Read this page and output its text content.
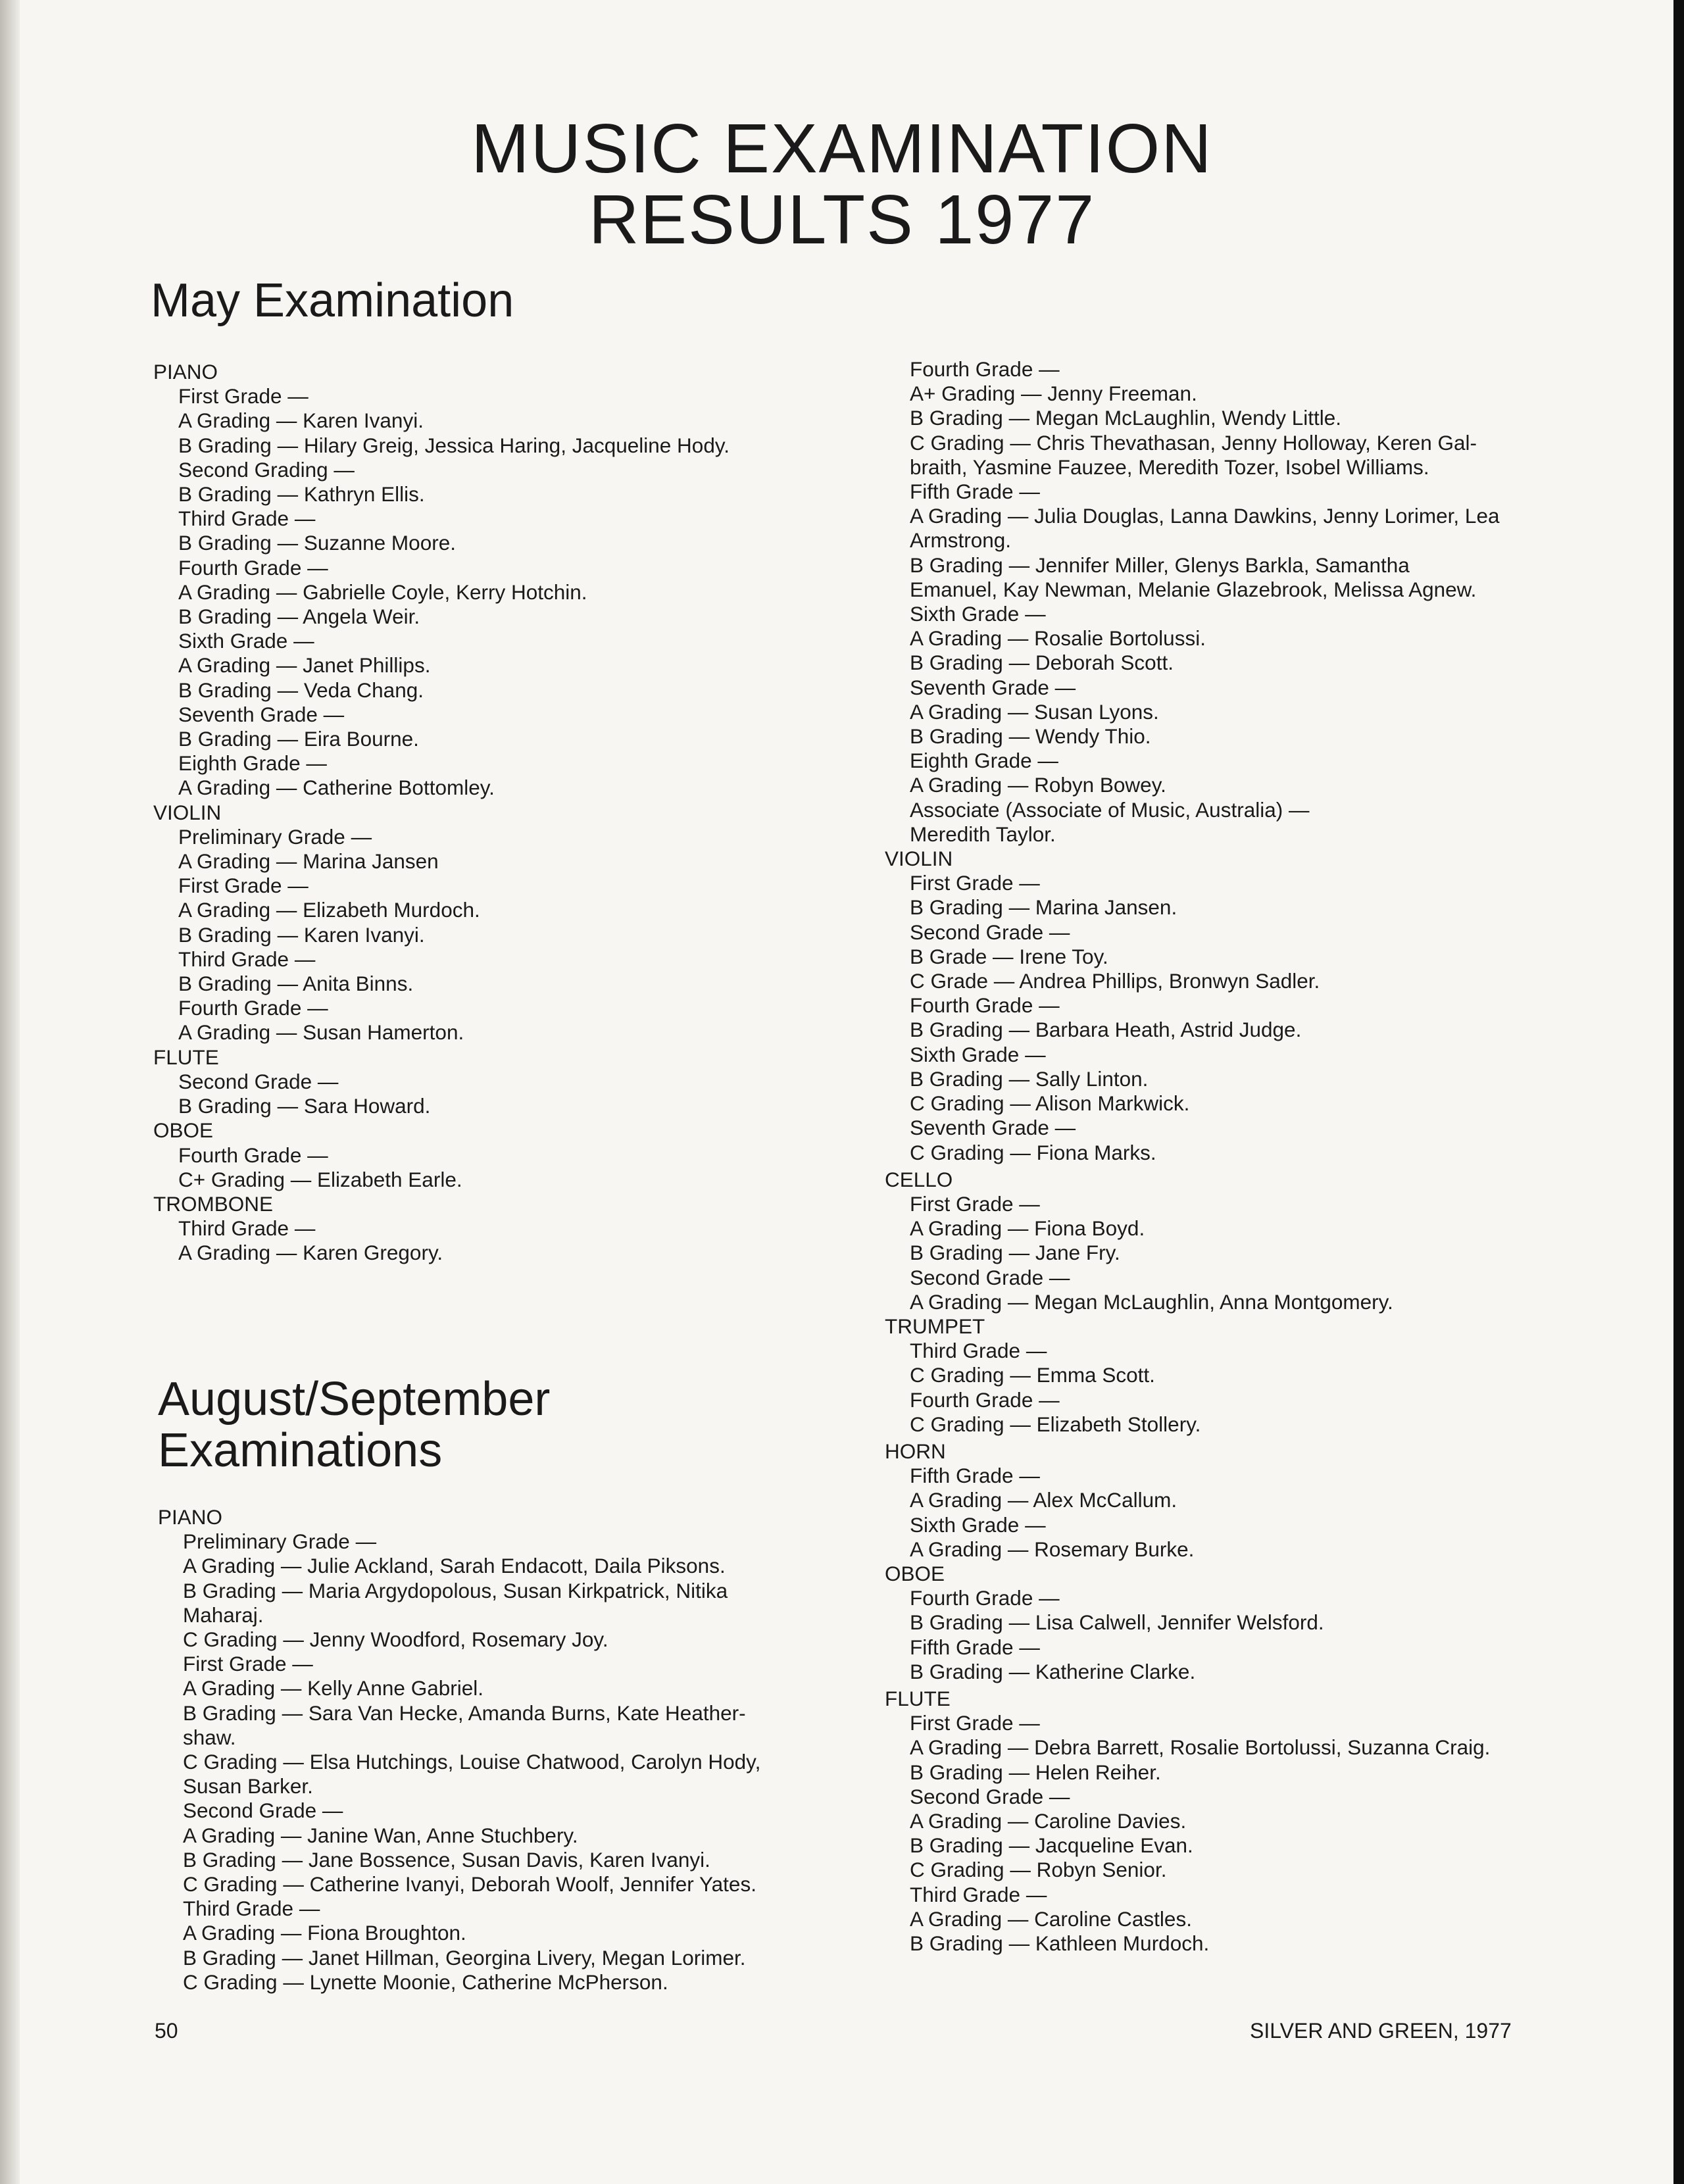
MUSIC EXAMINATION
RESULTS 1977
May Examination
PIANO
First Grade —
A Grading — Karen Ivanyi.
B Grading — Hilary Greig, Jessica Haring, Jacqueline Hody.
Second Grading —
B Grading — Kathryn Ellis.
Third Grade —
B Grading — Suzanne Moore.
Fourth Grade —
A Grading — Gabrielle Coyle, Kerry Hotchin.
B Grading — Angela Weir.
Sixth Grade —
A Grading — Janet Phillips.
B Grading — Veda Chang.
Seventh Grade —
B Grading — Eira Bourne.
Eighth Grade —
A Grading — Catherine Bottomley.
VIOLIN
Preliminary Grade —
A Grading — Marina Jansen
First Grade —
A Grading — Elizabeth Murdoch.
B Grading — Karen Ivanyi.
Third Grade —
B Grading — Anita Binns.
Fourth Grade —
A Grading — Susan Hamerton.
FLUTE
Second Grade —
B Grading — Sara Howard.
OBOE
Fourth Grade —
C+ Grading — Elizabeth Earle.
TROMBONE
Third Grade —
A Grading — Karen Gregory.
August/September
Examinations
PIANO
Preliminary Grade —
A Grading — Julie Ackland, Sarah Endacott, Daila Piksons.
B Grading — Maria Argydopolous, Susan Kirkpatrick, Nitika
Maharaj.
C Grading — Jenny Woodford, Rosemary Joy.
First Grade —
A Grading — Kelly Anne Gabriel.
B Grading — Sara Van Hecke, Amanda Burns, Kate Heather-
shaw.
C Grading — Elsa Hutchings, Louise Chatwood, Carolyn Hody,
Susan Barker.
Second Grade —
A Grading — Janine Wan, Anne Stuchbery.
B Grading — Jane Bossence, Susan Davis, Karen Ivanyi.
C Grading — Catherine Ivanyi, Deborah Woolf, Jennifer Yates.
Third Grade —
A Grading — Fiona Broughton.
B Grading — Janet Hillman, Georgina Livery, Megan Lorimer.
C Grading — Lynette Moonie, Catherine McPherson.
Fourth Grade —
A+ Grading — Jenny Freeman.
B Grading — Megan McLaughlin, Wendy Little.
C Grading — Chris Thevathasan, Jenny Holloway, Keren Gal-
braith, Yasmine Fauzee, Meredith Tozer, Isobel Williams.
Fifth Grade —
A Grading — Julia Douglas, Lanna Dawkins, Jenny Lorimer, Lea
Armstrong.
B Grading — Jennifer Miller, Glenys Barkla, Samantha
Emanuel, Kay Newman, Melanie Glazebrook, Melissa Agnew.
Sixth Grade —
A Grading — Rosalie Bortolussi.
B Grading — Deborah Scott.
Seventh Grade —
A Grading — Susan Lyons.
B Grading — Wendy Thio.
Eighth Grade —
A Grading — Robyn Bowey.
Associate (Associate of Music, Australia) —
Meredith Taylor.
VIOLIN
First Grade —
B Grading — Marina Jansen.
Second Grade —
B Grade — Irene Toy.
C Grade — Andrea Phillips, Bronwyn Sadler.
Fourth Grade —
B Grading — Barbara Heath, Astrid Judge.
Sixth Grade —
B Grading — Sally Linton.
C Grading — Alison Markwick.
Seventh Grade —
C Grading — Fiona Marks.
CELLO
First Grade —
A Grading — Fiona Boyd.
B Grading — Jane Fry.
Second Grade —
A Grading — Megan McLaughlin, Anna Montgomery.
TRUMPET
Third Grade —
C Grading — Emma Scott.
Fourth Grade —
C Grading — Elizabeth Stollery.
HORN
Fifth Grade —
A Grading — Alex McCallum.
Sixth Grade —
A Grading — Rosemary Burke.
OBOE
Fourth Grade —
B Grading — Lisa Calwell, Jennifer Welsford.
Fifth Grade —
B Grading — Katherine Clarke.
FLUTE
First Grade —
A Grading — Debra Barrett, Rosalie Bortolussi, Suzanna Craig.
B Grading — Helen Reiher.
Second Grade —
A Grading — Caroline Davies.
B Grading — Jacqueline Evan.
C Grading — Robyn Senior.
Third Grade —
A Grading — Caroline Castles.
B Grading — Kathleen Murdoch.
50	SILVER AND GREEN, 1977
